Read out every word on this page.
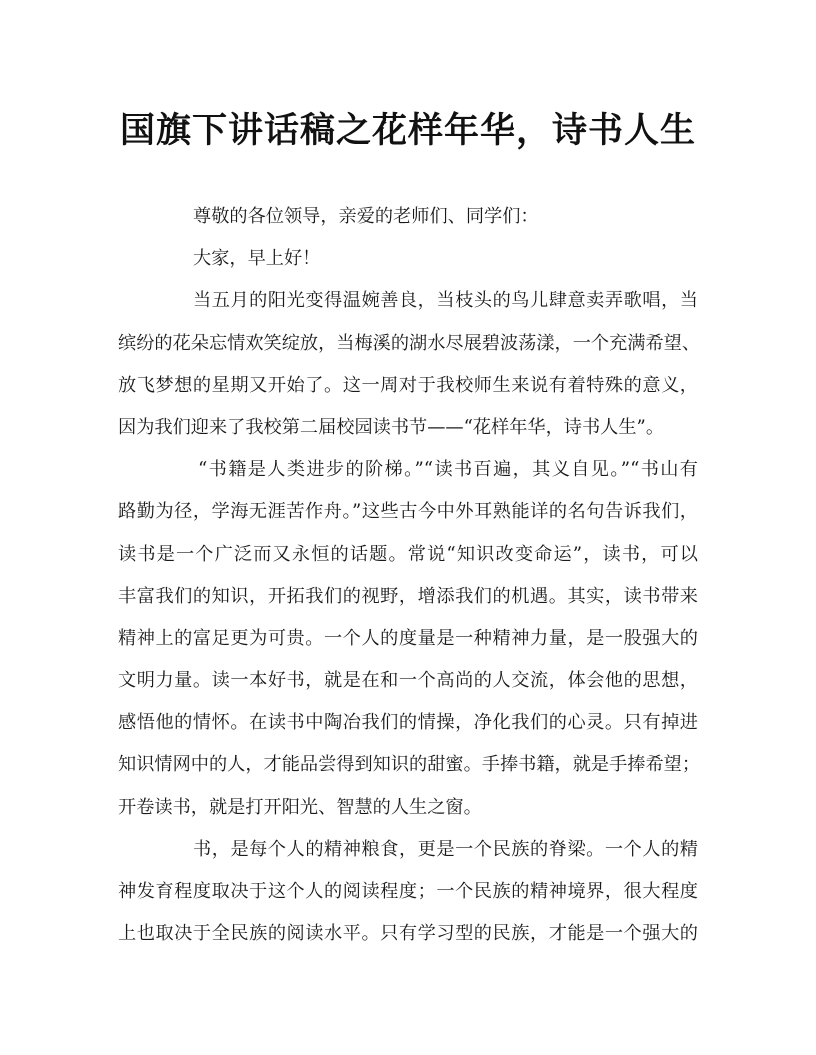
国旗下讲话稿之花样年华，诗书人生
尊敬的各位领导，亲爱的老师们、同学们：
大家，早上好！
当五月的阳光变得温婉善良，当枝头的鸟儿肆意卖弄歌唱，当
缤纷的花朵忘情欢笑绽放，当梅溪的湖水尽展碧波荡漾，一个充满希望、
放飞梦想的星期又开始了。这一周对于我校师生来说有着特殊的意义，
因为我们迎来了我校第二届校园读书节——“花样年华，诗书人生”。
“书籍是人类进步的阶梯。”“读书百遍，其义自见。”“书山有
路勤为径，学海无涯苦作舟。”这些古今中外耳熟能详的名句告诉我们，
读书是一个广泛而又永恒的话题。常说“知识改变命运”，读书，可以
丰富我们的知识，开拓我们的视野，增添我们的机遇。其实，读书带来
精神上的富足更为可贵。一个人的度量是一种精神力量，是一股强大的
文明力量。读一本好书，就是在和一个高尚的人交流，体会他的思想，
感悟他的情怀。在读书中陶冶我们的情操，净化我们的心灵。只有掉进
知识情网中的人，才能品尝得到知识的甜蜜。手捧书籍，就是手捧希望；
开卷读书，就是打开阳光、智慧的人生之窗。
书，是每个人的精神粮食，更是一个民族的脊梁。一个人的精
神发育程度取决于这个人的阅读程度；一个民族的精神境界，很大程度
上也取决于全民族的阅读水平。只有学习型的民族，才能是一个强大的
